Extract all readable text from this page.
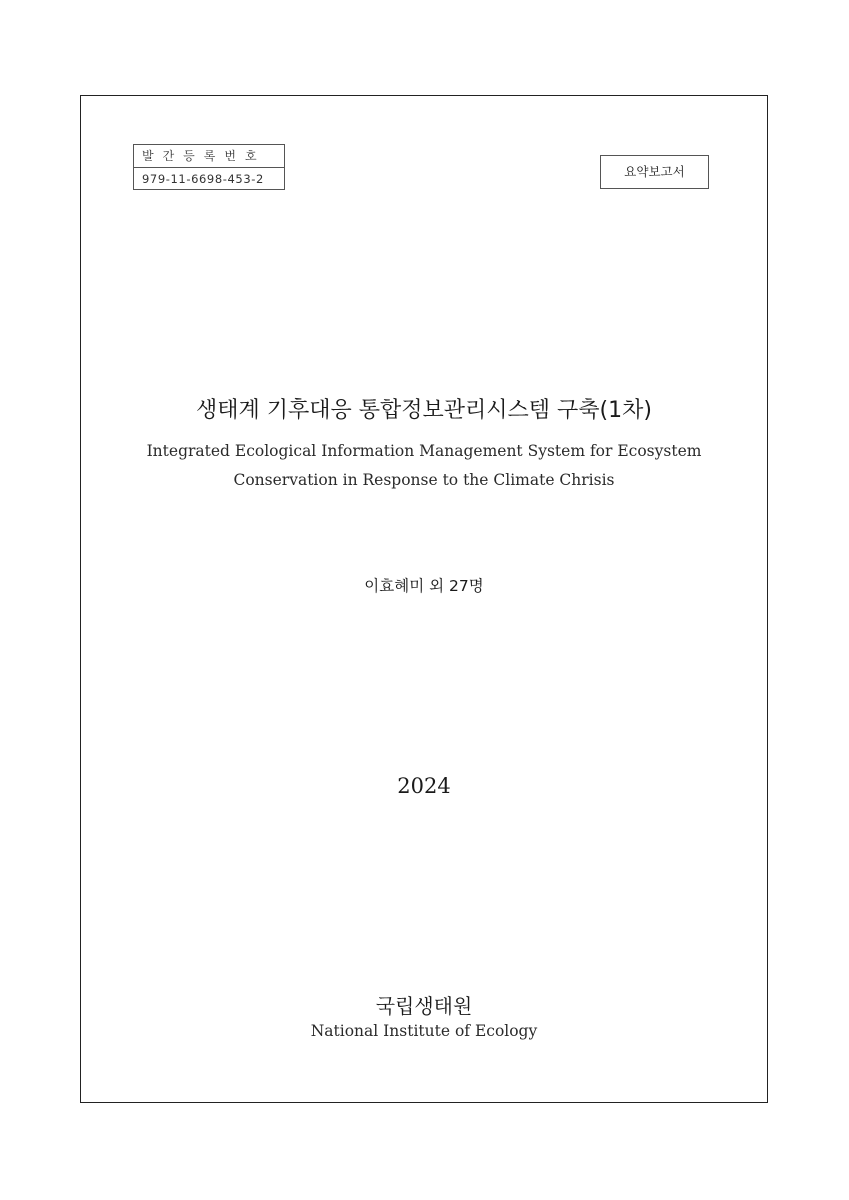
발간등록번호
979-11-6698-453-2	요약보고서
생태계 기후대응 통합정보관리시스템 구축(1차)
Integrated Ecological Information Management System for Ecosystem
Conservation in Response to the Climate Chrisis
이효혜미 외 27명
2024
국립생태원
National Institute of Ecology
